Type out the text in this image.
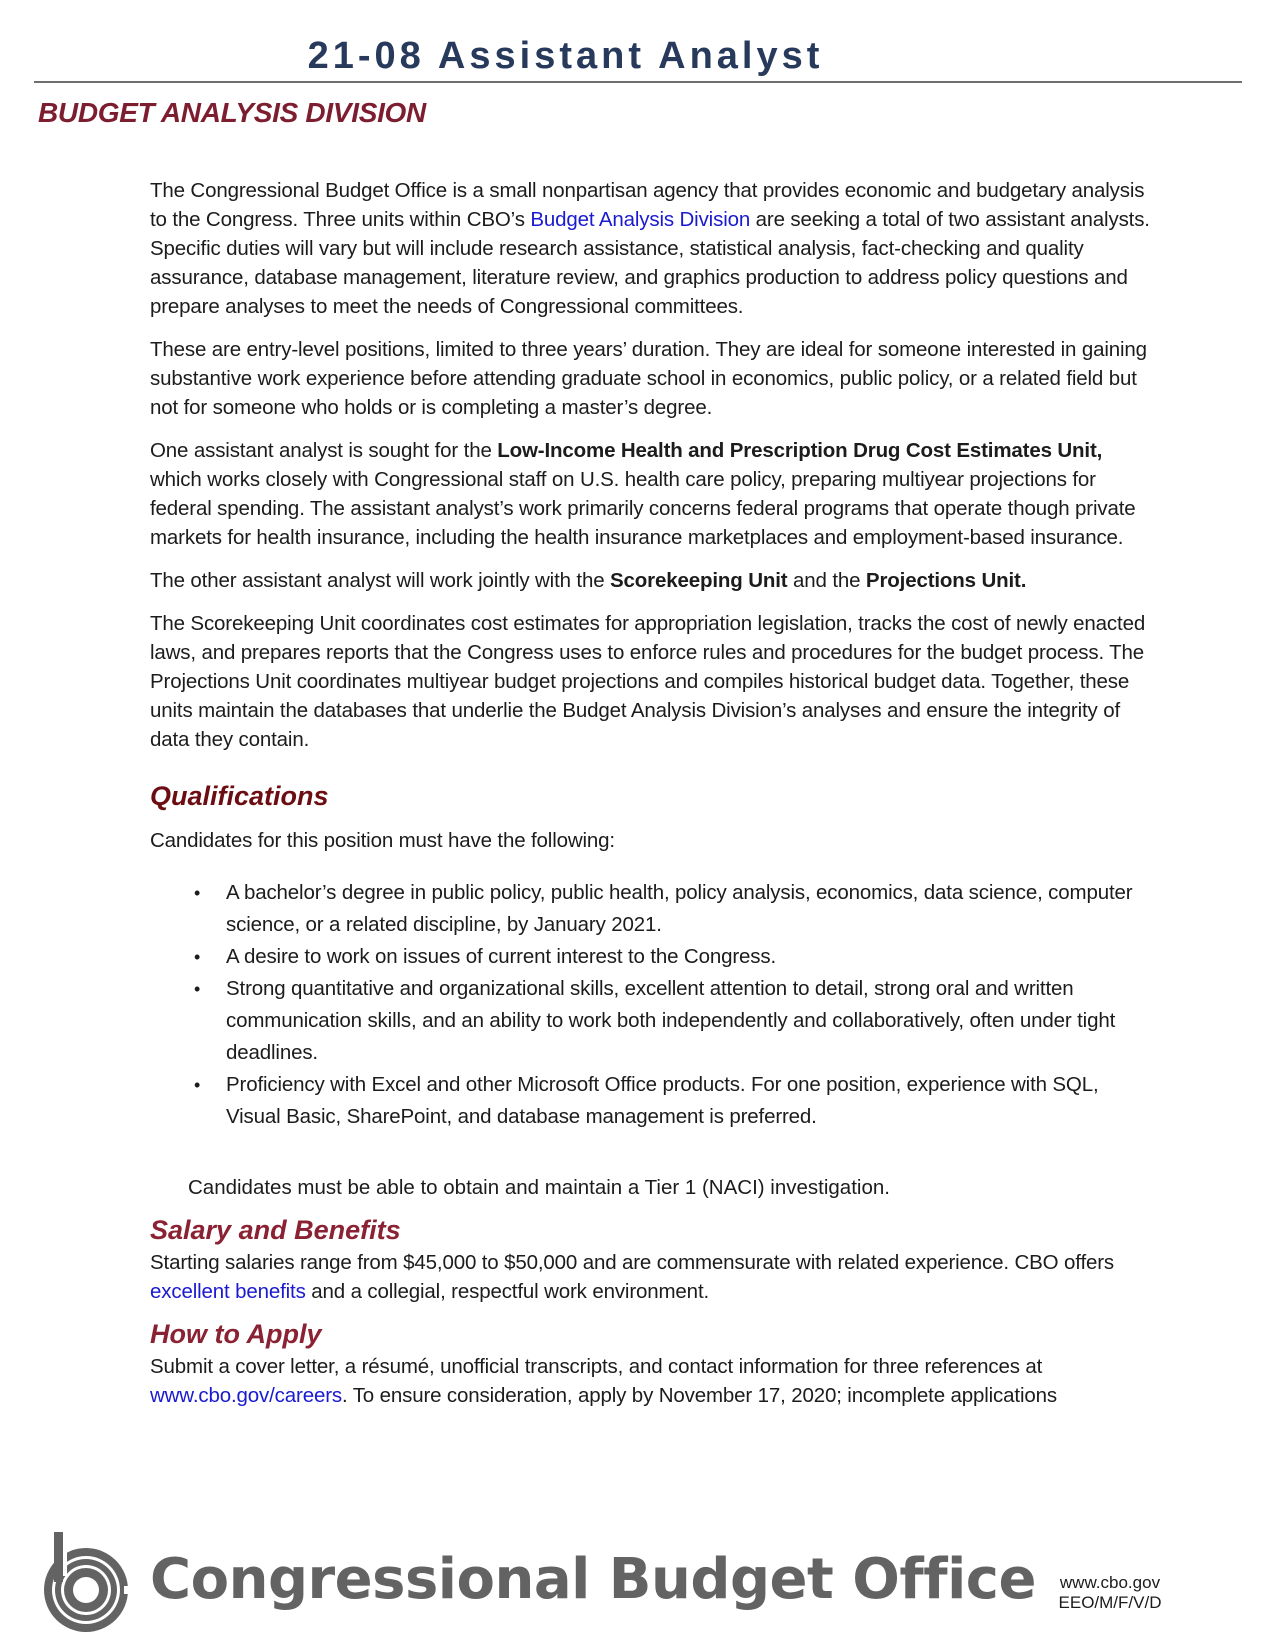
21-08 Assistant Analyst
BUDGET ANALYSIS DIVISION

The Congressional Budget Office is a small nonpartisan agency that provides economic and budgetary analysis to the Congress. Three units within CBO’s Budget Analysis Division are seeking a total of two assistant analysts. Specific duties will vary but will include research assistance, statistical analysis, fact-checking and quality assurance, database management, literature review, and graphics production to address policy questions and prepare analyses to meet the needs of Congressional committees.

These are entry-level positions, limited to three years’ duration. They are ideal for someone interested in gaining substantive work experience before attending graduate school in economics, public policy, or a related field but not for someone who holds or is completing a master’s degree.

One assistant analyst is sought for the Low-Income Health and Prescription Drug Cost Estimates Unit, which works closely with Congressional staff on U.S. health care policy, preparing multiyear projections for federal spending. The assistant analyst’s work primarily concerns federal programs that operate though private markets for health insurance, including the health insurance marketplaces and employment-based insurance.

The other assistant analyst will work jointly with the Scorekeeping Unit and the Projections Unit.

The Scorekeeping Unit coordinates cost estimates for appropriation legislation, tracks the cost of newly enacted laws, and prepares reports that the Congress uses to enforce rules and procedures for the budget process. The Projections Unit coordinates multiyear budget projections and compiles historical budget data. Together, these units maintain the databases that underlie the Budget Analysis Division’s analyses and ensure the integrity of data they contain.

Qualifications

Candidates for this position must have the following:

• A bachelor’s degree in public policy, public health, policy analysis, economics, data science, computer science, or a related discipline, by January 2021.
• A desire to work on issues of current interest to the Congress.
• Strong quantitative and organizational skills, excellent attention to detail, strong oral and written communication skills, and an ability to work both independently and collaboratively, often under tight deadlines.
• Proficiency with Excel and other Microsoft Office products. For one position, experience with SQL, Visual Basic, SharePoint, and database management is preferred.

Candidates must be able to obtain and maintain a Tier 1 (NACI) investigation.

Salary and Benefits

Starting salaries range from $45,000 to $50,000 and are commensurate with related experience. CBO offers excellent benefits and a collegial, respectful work environment.

How to Apply

Submit a cover letter, a résumé, unofficial transcripts, and contact information for three references at www.cbo.gov/careers. To ensure consideration, apply by November 17, 2020; incomplete applications

Congressional Budget Office	www.cbo.gov
EEO/M/F/V/D
